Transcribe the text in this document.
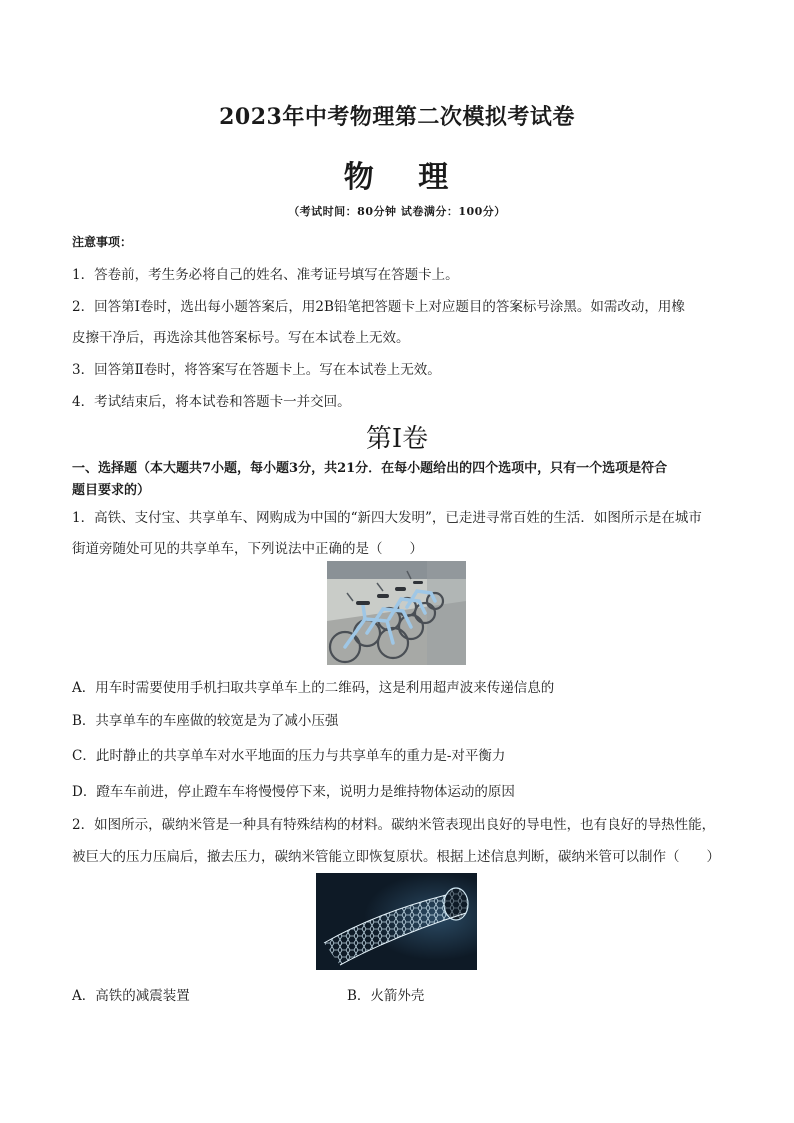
2023年中考物理第二次模拟考试卷
物 理
（考试时间：80分钟 试卷满分：100分）
注意事项：
1．答卷前，考生务必将自己的姓名、准考证号填写在答题卡上。
2．回答第Ⅰ卷时，选出每小题答案后，用2B铅笔把答题卡上对应题目的答案标号涂黑。如需改动，用橡
皮擦干净后，再选涂其他答案标号。写在本试卷上无效。
3．回答第Ⅱ卷时，将答案写在答题卡上。写在本试卷上无效。
4．考试结束后，将本试卷和答题卡一并交回。
第Ⅰ卷
一、选择题（本大题共7小题，每小题3分，共21分．在每小题给出的四个选项中，只有一个选项是符合
题目要求的）
1．高铁、支付宝、共享单车、网购成为中国的“新四大发明”，已走进寻常百姓的生活．如图所示是在城市
街道旁随处可见的共享单车，下列说法中正确的是（　　）
A．用车时需要使用手机扫取共享单车上的二维码，这是利用超声波来传递信息的
B．共享单车的车座做的较宽是为了减小压强
C．此时静止的共享单车对水平地面的压力与共享单车的重力是-对平衡力
D．蹬车车前进，停止蹬车车将慢慢停下来，说明力是维持物体运动的原因
2．如图所示，碳纳米管是一种具有特殊结构的材料。碳纳米管表现出良好的导电性，也有良好的导热性能，
被巨大的压力压扁后，撤去压力，碳纳米管能立即恢复原状。根据上述信息判断，碳纳米管可以制作（　　）
A．高铁的减震装置	B．火箭外壳
